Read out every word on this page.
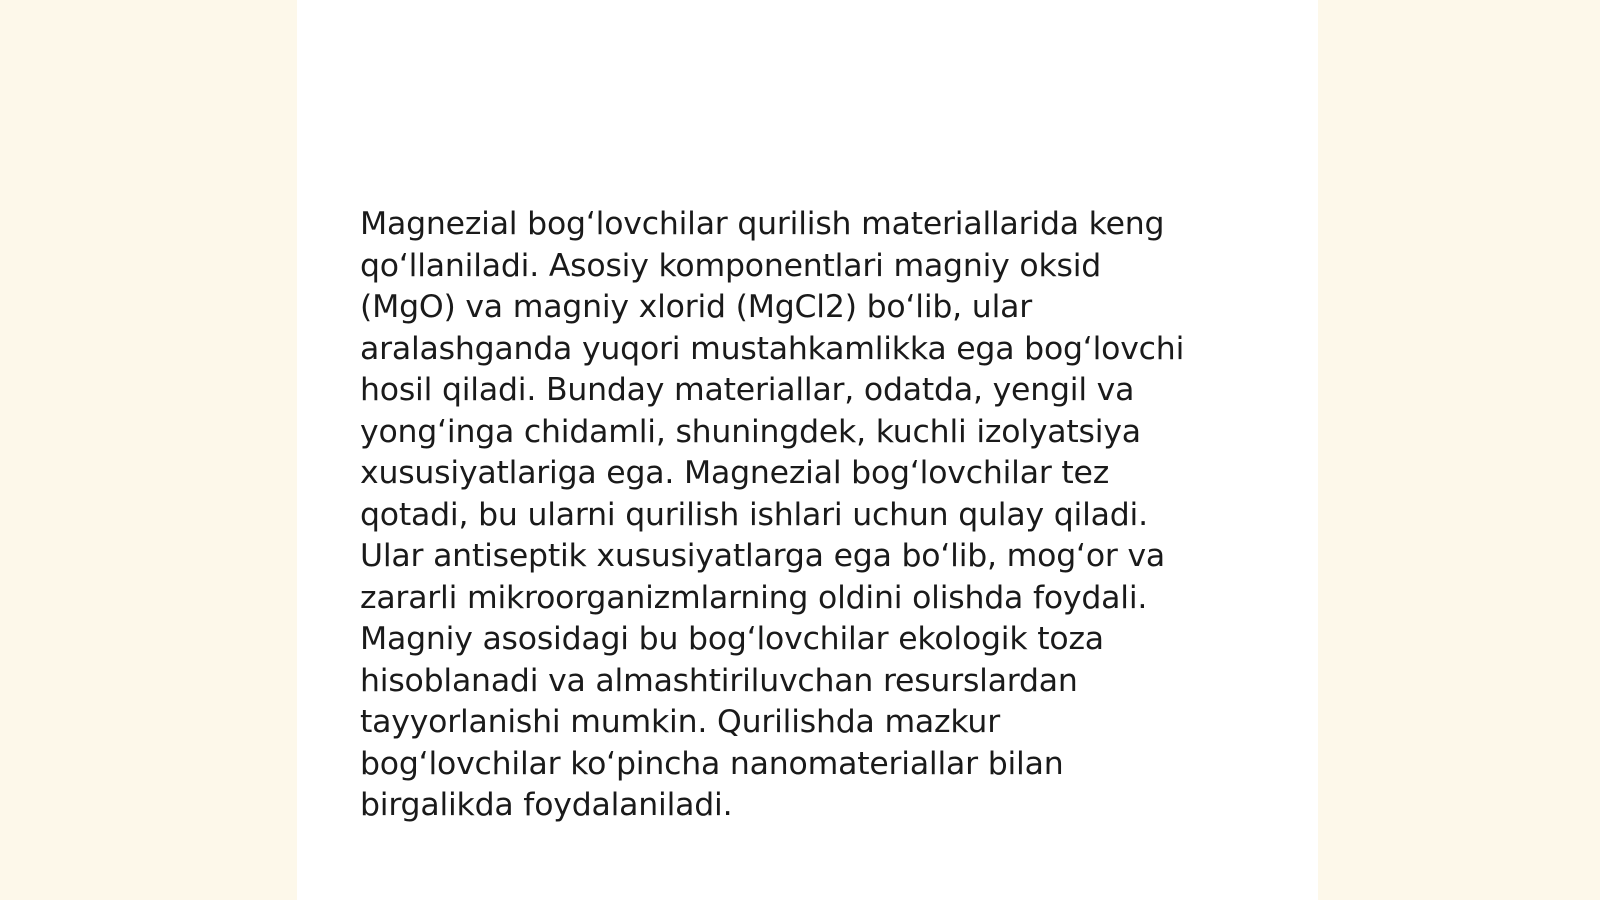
Magnezial bogʻlovchilar qurilish materiallarida keng
qoʻllaniladi. Asosiy komponentlari magniy oksid
(MgO) va magniy xlorid (MgCl2) boʻlib, ular
aralashganda yuqori mustahkamlikka ega bogʻlovchi
hosil qiladi. Bunday materiallar, odatda, yengil va
yongʻinga chidamli, shuningdek, kuchli izolyatsiya
xususiyatlariga ega. Magnezial bogʻlovchilar tez
qotadi, bu ularni qurilish ishlari uchun qulay qiladi.
Ular antiseptik xususiyatlarga ega boʻlib, mogʻor va
zararli mikroorganizmlarning oldini olishda foydali.
Magniy asosidagi bu bogʻlovchilar ekologik toza
hisoblanadi va almashtiriluvchan resurslardan
tayyorlanishi mumkin. Qurilishda mazkur
bogʻlovchilar koʻpincha nanomateriallar bilan
birgalikda foydalaniladi.
